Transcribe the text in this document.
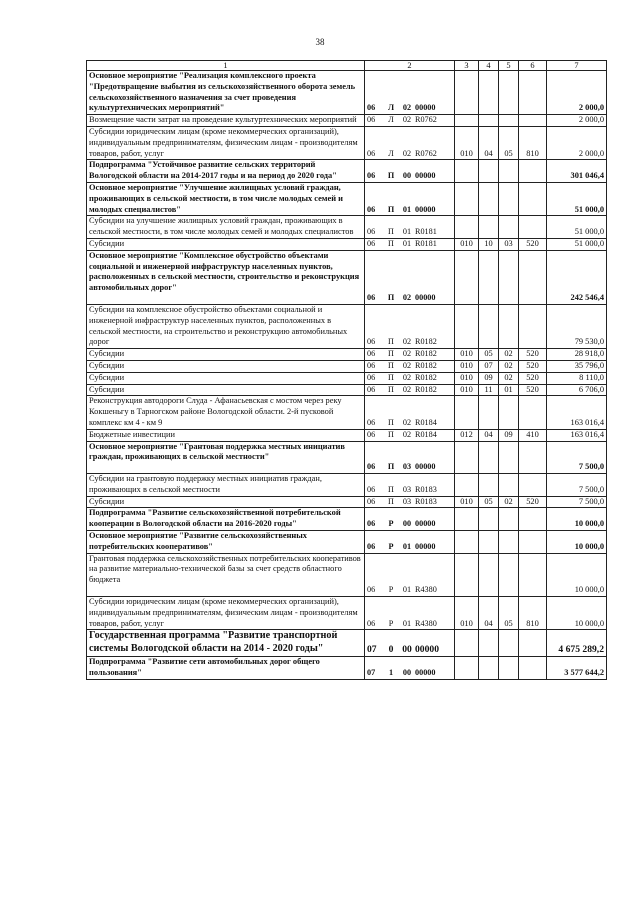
38
1	2	3	4	5	6	7
Основное мероприятие "Реализация комплексного проекта "Предотвращение выбытия из сельскохозяйственного оборота земель сельскохозяйственного назначения за счет проведения культуртехнических мероприятий"	06 Л 02 00000					2 000,0
Возмещение части затрат на проведение культуртехнических мероприятий	06 Л 02 R0762					2 000,0
Субсидии юридическим лицам (кроме некоммерческих организаций), индивидуальным предпринимателям, физическим лицам - производителям товаров, работ, услуг	06 Л 02 R0762	010	04	05	810	2 000,0
Подпрограмма "Устойчивое развитие сельских территорий Вологодской области на 2014-2017 годы и на период до 2020 года"	06 П 00 00000					301 046,4
Основное мероприятие "Улучшение жилищных условий граждан, проживающих в сельской местности, в том числе молодых семей и молодых специалистов"	06 П 01 00000					51 000,0
Субсидии на улучшение жилищных условий граждан, проживающих в сельской местности, в том числе молодых семей и молодых специалистов	06 П 01 R0181					51 000,0
Субсидии	06 П 01 R0181	010	10	03	520	51 000,0
Основное мероприятие "Комплексное обустройство объектами социальной и инженерной инфраструктур населенных пунктов, расположенных в сельской местности, строительство и реконструкция автомобильных дорог"	06 П 02 00000					242 546,4
Субсидии на комплексное обустройство объектами социальной и инженерной инфраструктур населенных пунктов, расположенных в сельской местности, на строительство и реконструкцию автомобильных дорог	06 П 02 R0182					79 530,0
Субсидии	06 П 02 R0182	010	05	02	520	28 918,0
Субсидии	06 П 02 R0182	010	07	02	520	35 796,0
Субсидии	06 П 02 R0182	010	09	02	520	8 110,0
Субсидии	06 П 02 R0182	010	11	01	520	6 706,0
Реконструкция автодороги Слуда - Афанасьевская с мостом через реку Кокшеньгу в Тарногском районе Вологодской области. 2-й пусковой комплекс км 4 - км 9	06 П 02 R0184					163 016,4
Бюджетные инвестиции	06 П 02 R0184	012	04	09	410	163 016,4
Основное мероприятие "Грантовая поддержка местных инициатив граждан, проживающих в сельской местности"	06 П 03 00000					7 500,0
Субсидии на грантовую поддержку местных инициатив граждан, проживающих в сельской местности	06 П 03 R0183					7 500,0
Субсидии	06 П 03 R0183	010	05	02	520	7 500,0
Подпрограмма "Развитие сельскохозяйственной потребительской кооперации в Вологодской области на 2016-2020 годы"	06 Р 00 00000					10 000,0
Основное мероприятие "Развитие сельскохозяйственных потребительских кооперативов"	06 Р 01 00000					10 000,0
Грантовая поддержка сельскохозяйственных потребительских кооперативов на развитие материально-технической базы за счет средств областного бюджета	06 Р 01 R4380					10 000,0
Субсидии юридическим лицам (кроме некоммерческих организаций), индивидуальным предпринимателям, физическим лицам - производителям товаров, работ, услуг	06 Р 01 R4380	010	04	05	810	10 000,0
Государственная программа "Развитие транспортной системы Вологодской области на 2014 - 2020 годы"	07 0 00 00000					4 675 289,2
Подпрограмма "Развитие сети автомобильных дорог общего пользования"	07 1 00 00000					3 577 644,2
